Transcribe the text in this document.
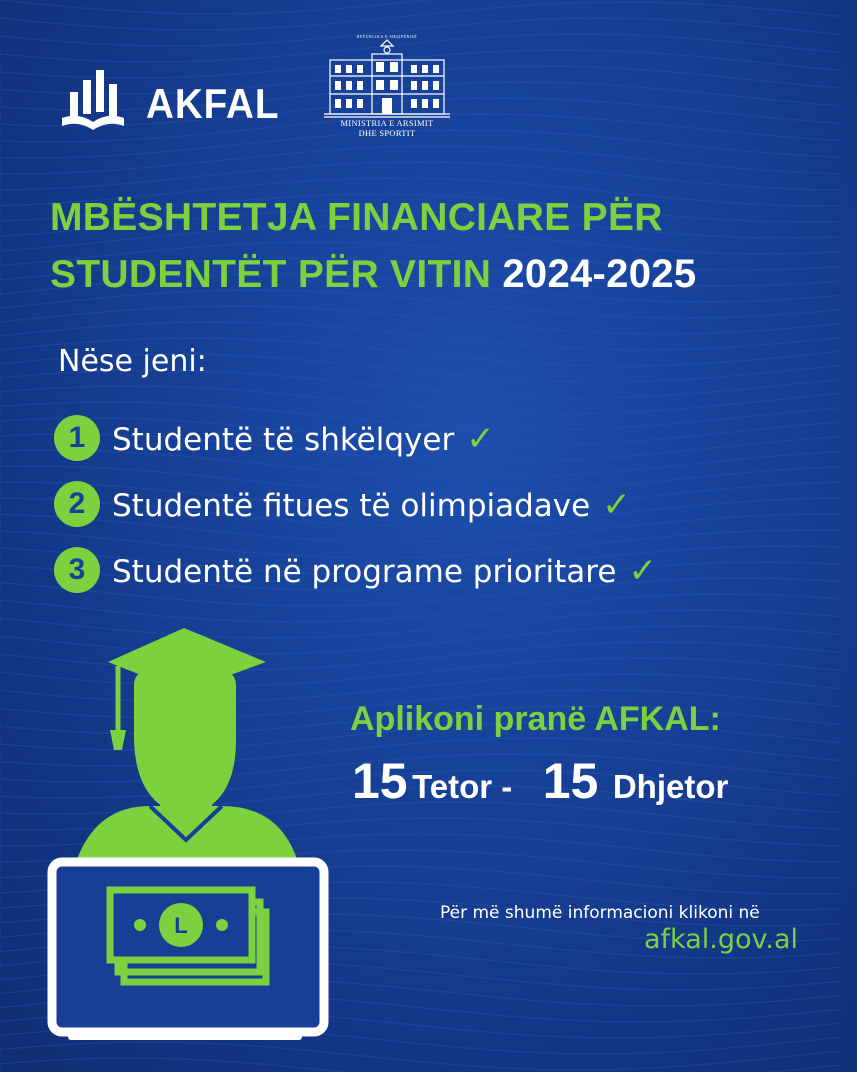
AKFAL
REPUBLIKA E SHQIPËRISË
MINISTRIA E ARSIMIT
DHE SPORTIT
MBËSHTETJA FINANCIARE PËR
STUDENTËT PËR VITIN 2024-2025
Nëse jeni:
1 Studentë të shkëlqyer ✓
2 Studentë fitues të olimpiadave ✓
3 Studentë në programe prioritare ✓
L
Aplikoni pranë AFKAL:
15 Tetor - 15 Dhjetor
Për më shumë informacioni klikoni në
afkal.gov.al
